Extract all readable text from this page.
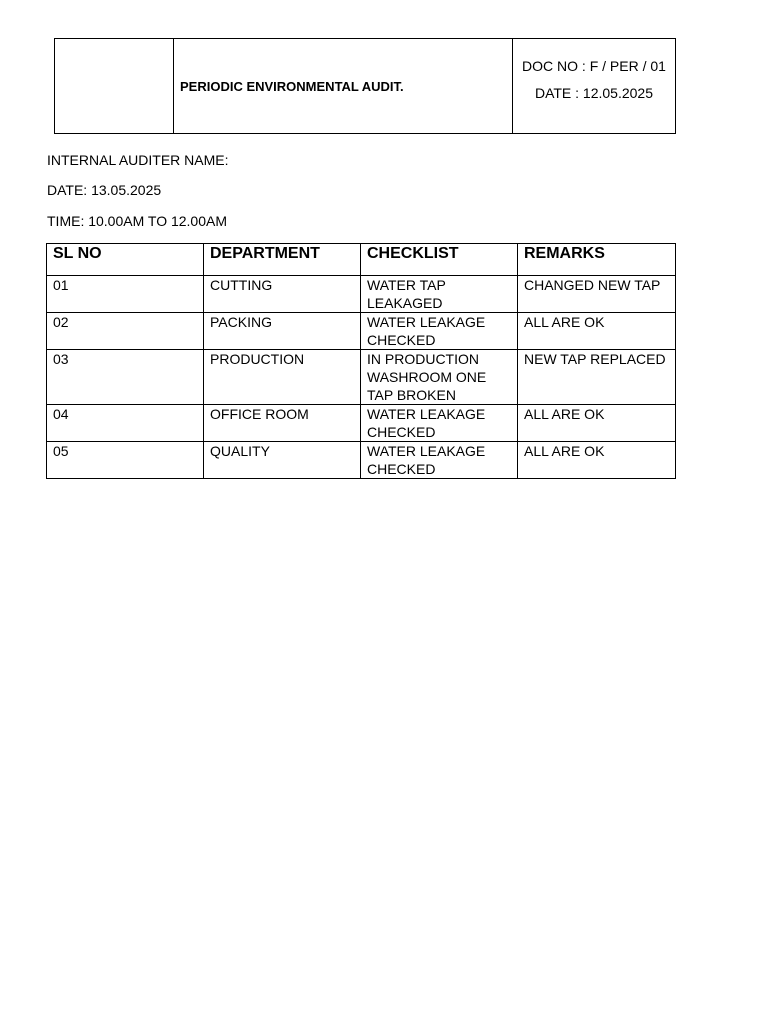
PERIODIC ENVIRONMENTAL AUDIT.
DOC NO : F / PER / 01
DATE : 12.05.2025
INTERNAL AUDITER NAME:
DATE: 13.05.2025
TIME: 10.00AM TO 12.00AM
SL NO	DEPARTMENT	CHECKLIST	REMARKS
01	CUTTING	WATER TAP LEAKAGED	CHANGED NEW TAP
02	PACKING	WATER LEAKAGE CHECKED	ALL ARE OK
03	PRODUCTION	IN PRODUCTION WASHROOM ONE TAP BROKEN	NEW TAP REPLACED
04	OFFICE ROOM	WATER LEAKAGE CHECKED	ALL ARE OK
05	QUALITY	WATER LEAKAGE CHECKED	ALL ARE OK
